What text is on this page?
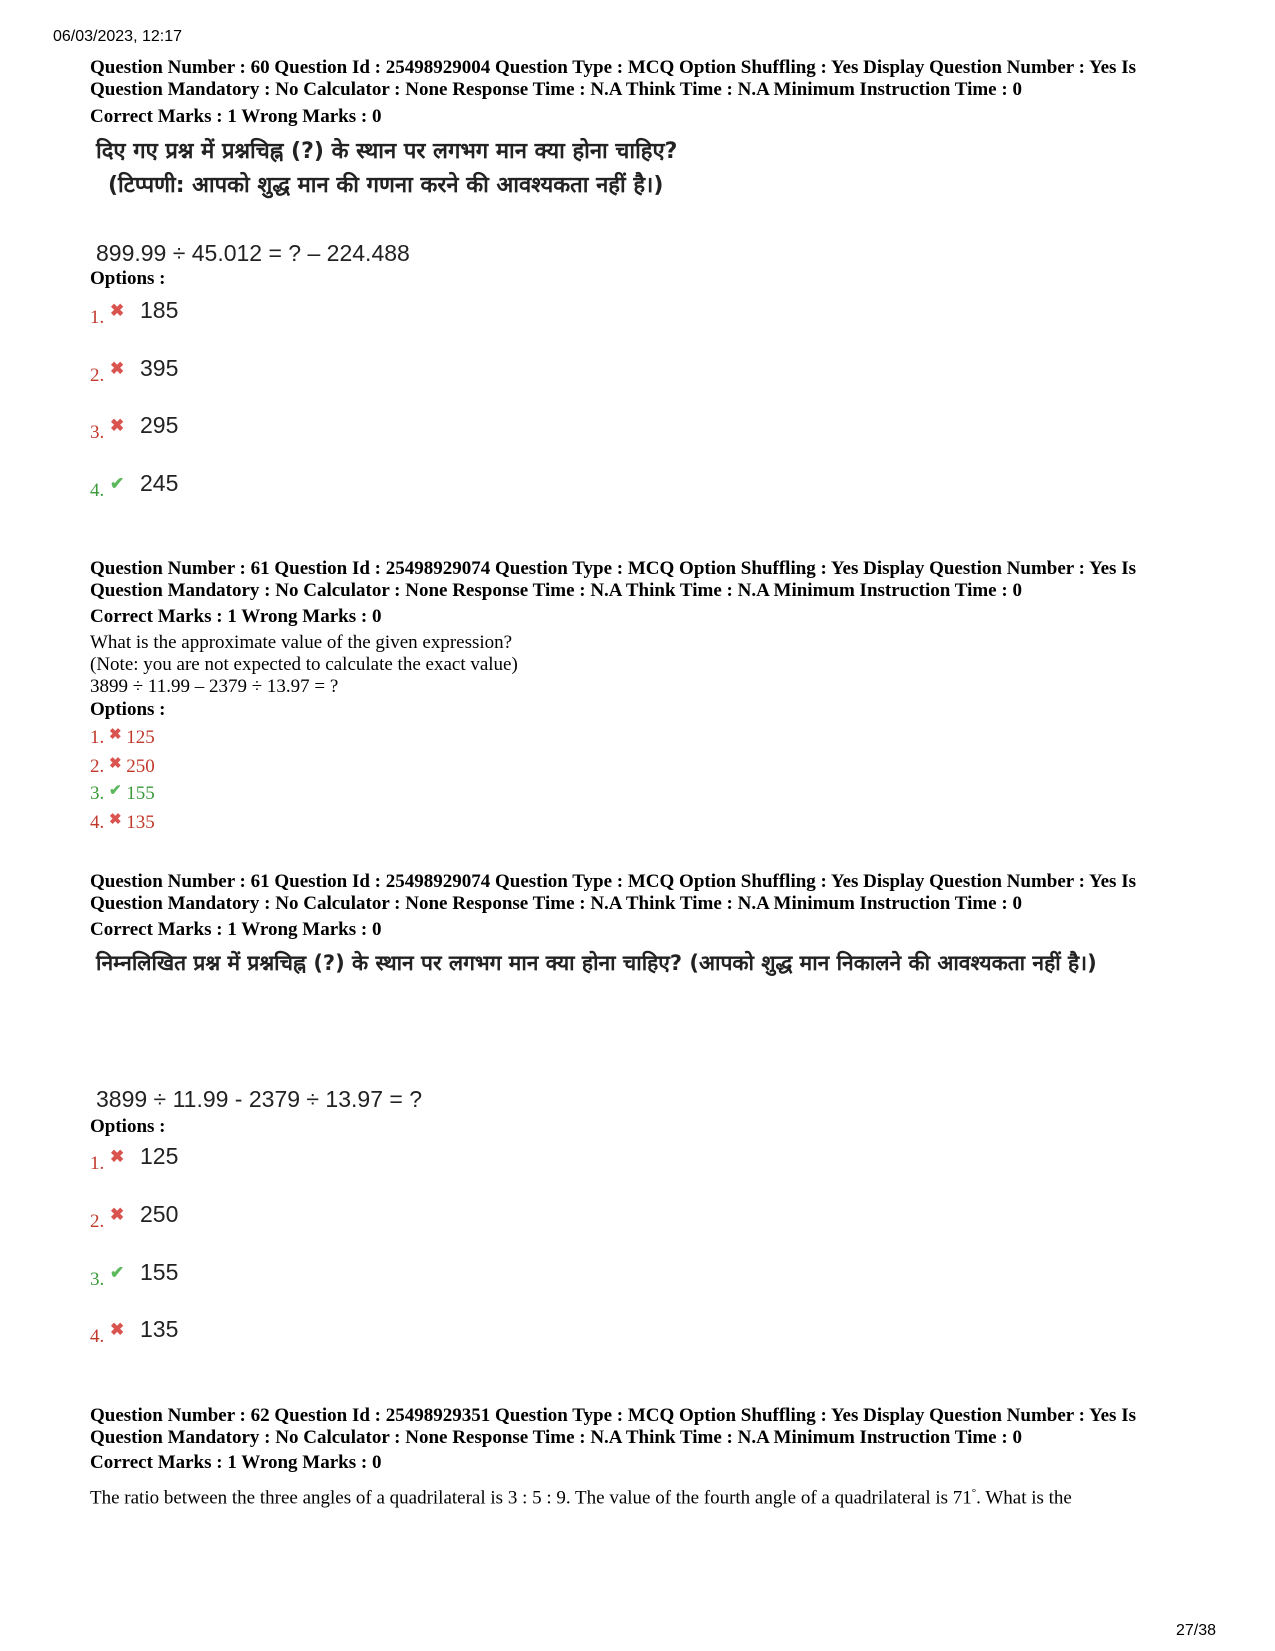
06/03/2023, 12:17
Question Number : 60 Question Id : 25498929004 Question Type : MCQ Option Shuffling : Yes Display Question Number : Yes Is
Question Mandatory : No Calculator : None Response Time : N.A Think Time : N.A Minimum Instruction Time : 0
Correct Marks : 1 Wrong Marks : 0
दिए गए प्रश्न में प्रश्नचिह्न (?) के स्थान पर लगभग मान क्या होना चाहिए?
(टिप्पणी: आपको शुद्ध मान की गणना करने की आवश्यकता नहीं है।)
899.99 ÷ 45.012 = ? – 224.488
Options :
1. ✖ 185
2. ✖ 395
3. ✖ 295
4. ✔ 245
Question Number : 61 Question Id : 25498929074 Question Type : MCQ Option Shuffling : Yes Display Question Number : Yes Is
Question Mandatory : No Calculator : None Response Time : N.A Think Time : N.A Minimum Instruction Time : 0
Correct Marks : 1 Wrong Marks : 0
What is the approximate value of the given expression?
(Note: you are not expected to calculate the exact value)
3899 ÷ 11.99 – 2379 ÷ 13.97 = ?
Options :
1. ✖ 125
2. ✖ 250
3. ✔ 155
4. ✖ 135
Question Number : 61 Question Id : 25498929074 Question Type : MCQ Option Shuffling : Yes Display Question Number : Yes Is
Question Mandatory : No Calculator : None Response Time : N.A Think Time : N.A Minimum Instruction Time : 0
Correct Marks : 1 Wrong Marks : 0
निम्नलिखित प्रश्न में प्रश्नचिह्न (?) के स्थान पर लगभग मान क्या होना चाहिए? (आपको शुद्ध मान निकालने की आवश्यकता नहीं है।)
3899 ÷ 11.99 - 2379 ÷ 13.97 = ?
Options :
1. ✖ 125
2. ✖ 250
3. ✔ 155
4. ✖ 135
Question Number : 62 Question Id : 25498929351 Question Type : MCQ Option Shuffling : Yes Display Question Number : Yes Is
Question Mandatory : No Calculator : None Response Time : N.A Think Time : N.A Minimum Instruction Time : 0
Correct Marks : 1 Wrong Marks : 0
The ratio between the three angles of a quadrilateral is 3 : 5 : 9. The value of the fourth angle of a quadrilateral is 71°. What is the
27/38
